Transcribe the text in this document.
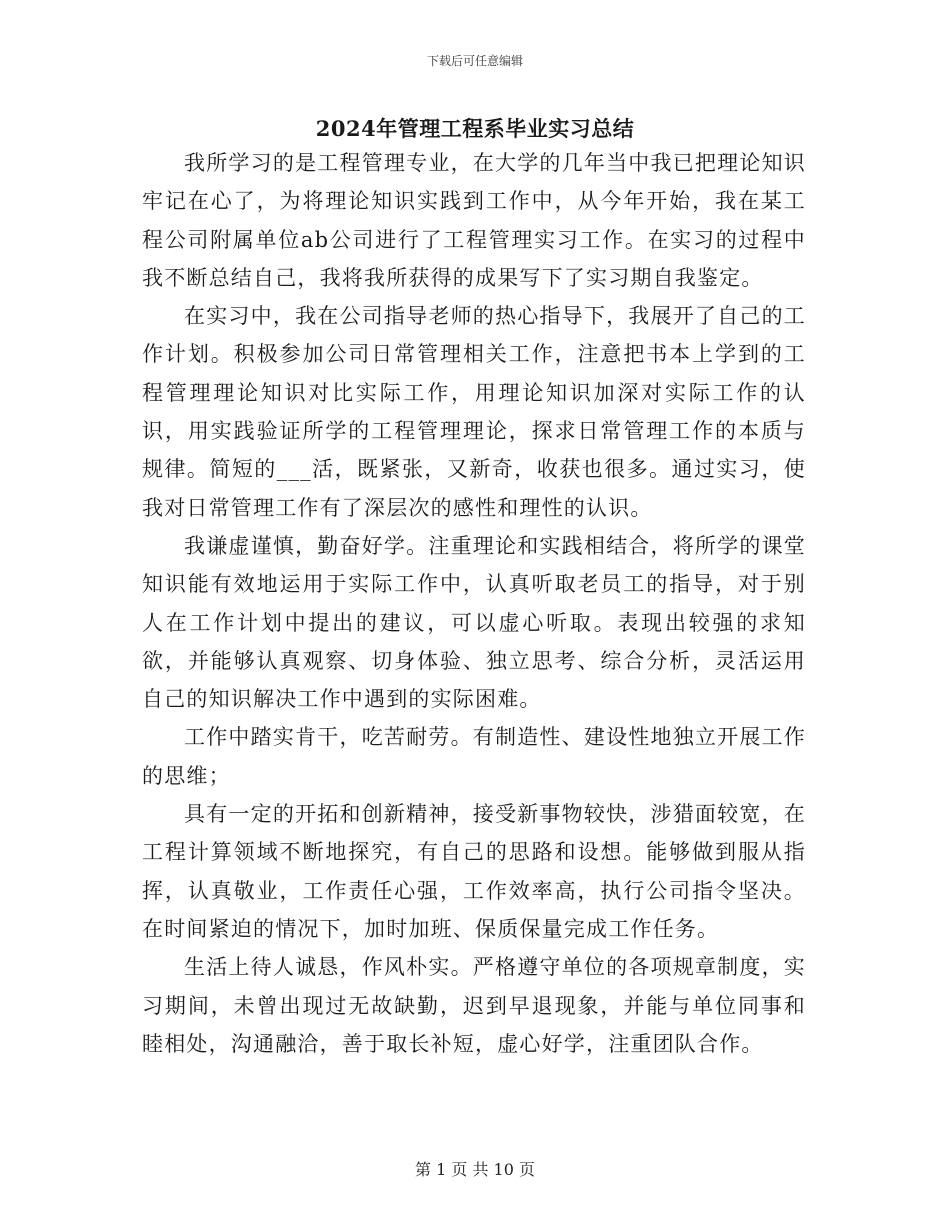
下载后可任意编辑
2024年管理工程系毕业实习总结

我所学习的是工程管理专业，在大学的几年当中我已把理论知识牢记在心了，为将理论知识实践到工作中，从今年开始，我在某工程公司附属单位ab公司进行了工程管理实习工作。在实习的过程中我不断总结自己，我将我所获得的成果写下了实习期自我鉴定。

在实习中，我在公司指导老师的热心指导下，我展开了自己的工作计划。积极参加公司日常管理相关工作，注意把书本上学到的工程管理理论知识对比实际工作，用理论知识加深对实际工作的认识，用实践验证所学的工程管理理论，探求日常管理工作的本质与规律。简短的___活，既紧张，又新奇，收获也很多。通过实习，使我对日常管理工作有了深层次的感性和理性的认识。

我谦虚谨慎，勤奋好学。注重理论和实践相结合，将所学的课堂知识能有效地运用于实际工作中，认真听取老员工的指导，对于别人在工作计划中提出的建议，可以虚心听取。表现出较强的求知欲，并能够认真观察、切身体验、独立思考、综合分析，灵活运用自己的知识解决工作中遇到的实际困难。

工作中踏实肯干，吃苦耐劳。有制造性、建设性地独立开展工作的思维；

具有一定的开拓和创新精神，接受新事物较快，涉猎面较宽，在工程计算领域不断地探究，有自己的思路和设想。能够做到服从指挥，认真敬业，工作责任心强，工作效率高，执行公司指令坚决。在时间紧迫的情况下，加时加班、保质保量完成工作任务。

生活上待人诚恳，作风朴实。严格遵守单位的各项规章制度，实习期间，未曾出现过无故缺勤，迟到早退现象，并能与单位同事和睦相处，沟通融洽，善于取长补短，虚心好学，注重团队合作。

第 1 页 共 10 页
